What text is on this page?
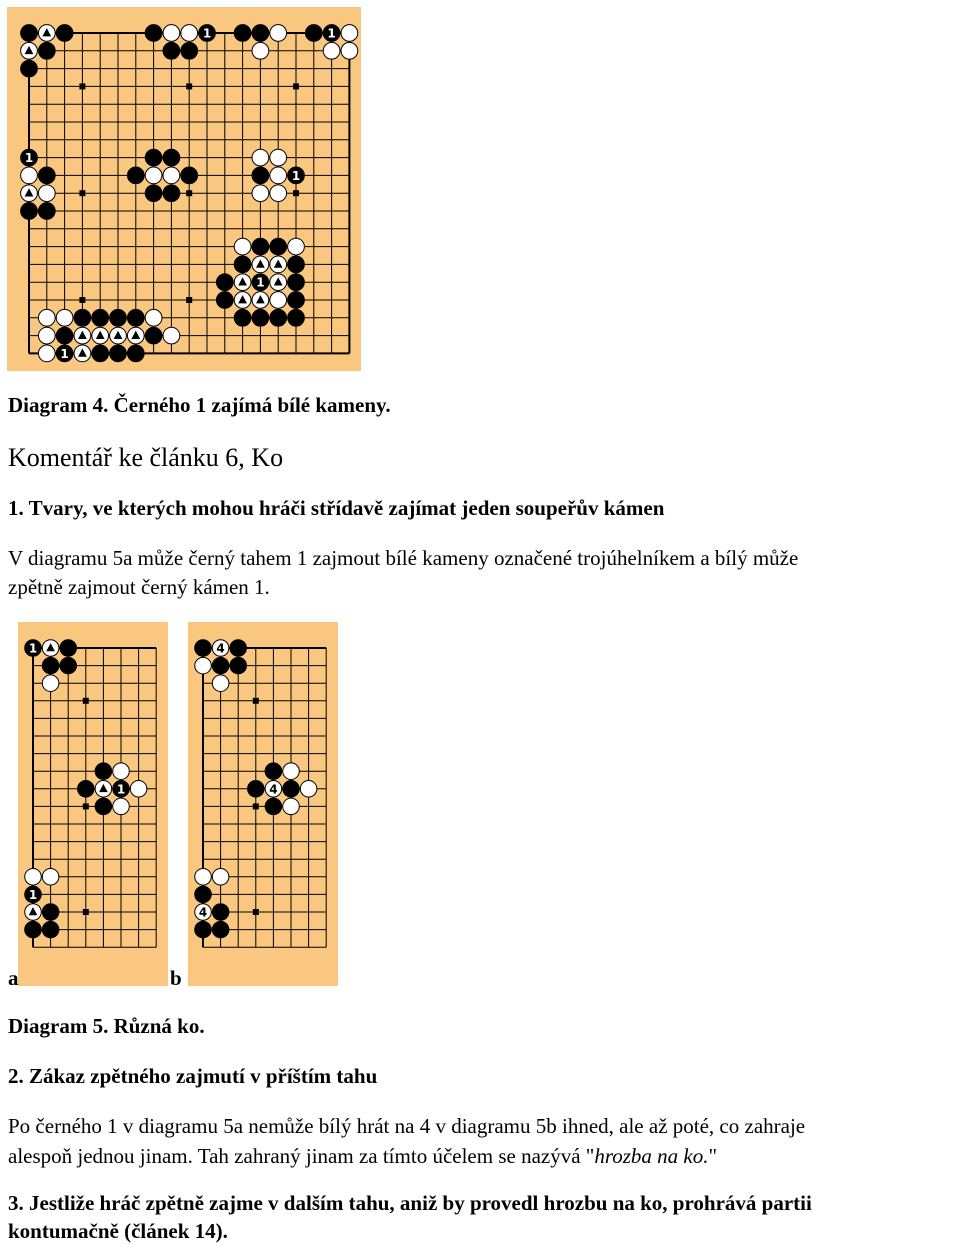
1	1
1
1
1
1
Diagram 4. Černého 1 zajímá bílé kameny.
Komentář ke článku 6, Ko
1. Tvary, ve kterých mohou hráči střídavě zajímat jeden soupeřův kámen
V diagramu 5a může černý tahem 1 zajmout bílé kameny označené trojúhelníkem a bílý může
zpětně zajmout černý kámen 1.
1
1
1
a
4
4
4
b
Diagram 5. Různá ko.
2. Zákaz zpětného zajmutí v příštím tahu
Po černého 1 v diagramu 5a nemůže bílý hrát na 4 v diagramu 5b ihned, ale až poté, co zahraje
alespoň jednou jinam. Tah zahraný jinam za tímto účelem se nazývá "hrozba na ko."
3. Jestliže hráč zpětně zajme v dalším tahu, aniž by provedl hrozbu na ko, prohrává partii
kontumačně (článek 14).
